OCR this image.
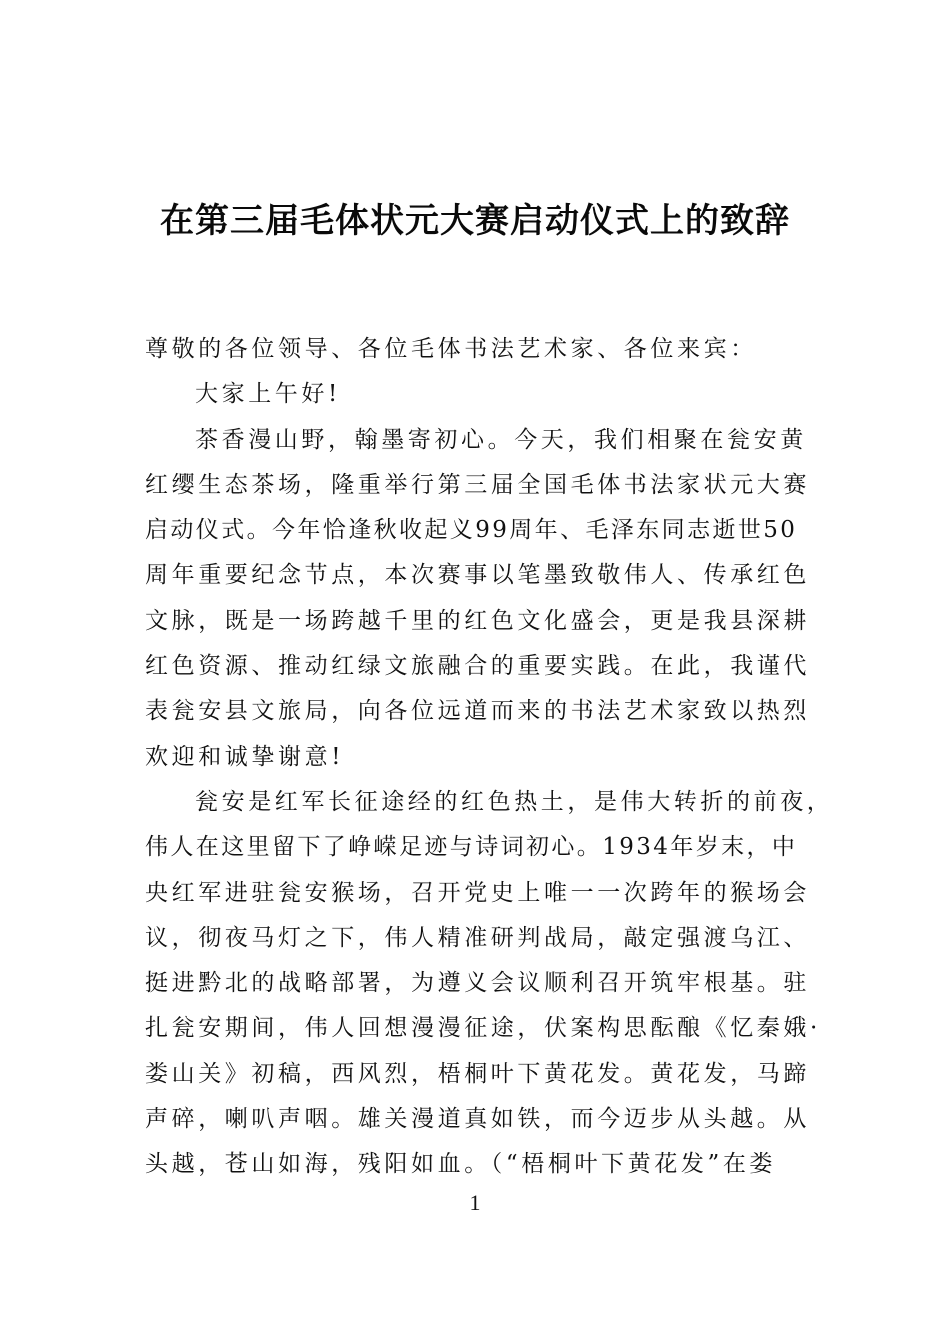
在第三届毛体状元大赛启动仪式上的致辞
尊敬的各位领导、各位毛体书法艺术家、各位来宾：
大家上午好!
茶香漫山野，翰墨寄初心。今天，我们相聚在瓮安黄
红缨生态茶场，隆重举行第三届全国毛体书法家状元大赛
启动仪式。今年恰逢秋收起义99周年、毛泽东同志逝世50
周年重要纪念节点，本次赛事以笔墨致敬伟人、传承红色
文脉，既是一场跨越千里的红色文化盛会，更是我县深耕
红色资源、推动红绿文旅融合的重要实践。在此，我谨代
表瓮安县文旅局，向各位远道而来的书法艺术家致以热烈
欢迎和诚挚谢意!
瓮安是红军长征途经的红色热土，是伟大转折的前夜，
伟人在这里留下了峥嵘足迹与诗词初心。1934年岁末，中
央红军进驻瓮安猴场，召开党史上唯一一次跨年的猴场会
议，彻夜马灯之下，伟人精准研判战局，敲定强渡乌江、
挺进黔北的战略部署，为遵义会议顺利召开筑牢根基。驻
扎瓮安期间，伟人回想漫漫征途，伏案构思酝酿《忆秦娥·
娄山关》初稿，西风烈，梧桐叶下黄花发。黄花发，马蹄
声碎，喇叭声咽。雄关漫道真如铁，而今迈步从头越。从
头越，苍山如海，残阳如血。（“梧桐叶下黄花发”在娄
1
